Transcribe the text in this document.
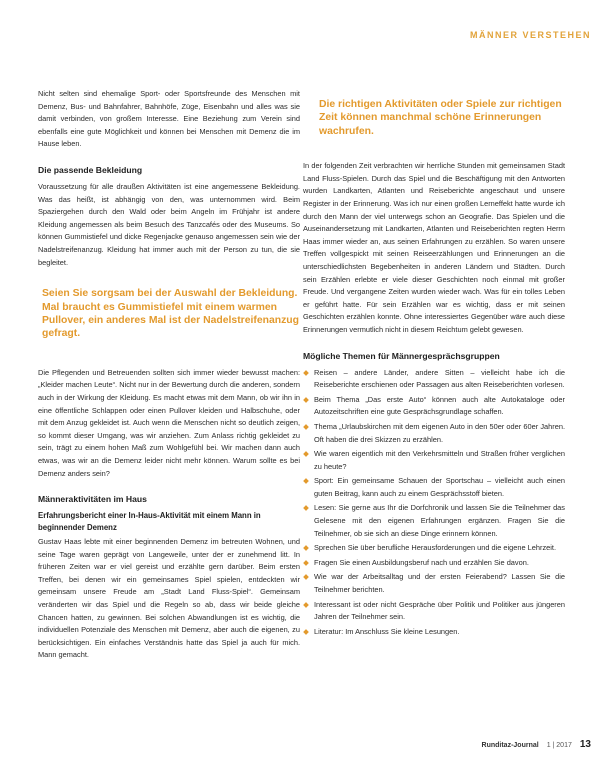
MÄNNER VERSTEHEN

Nicht selten sind ehemalige Sport- oder Sportsfreunde des Menschen mit Demenz, Bus- und Bahnfahrer, Bahnhöfe, Züge, Eisenbahn und alles was sie damit verbinden, von großem Interesse. Eine Beziehung zum Verein sind ebenfalls eine gute Möglichkeit und können bei Menschen mit Demenz die im Hause leben.

Die passende Bekleidung

Voraussetzung für alle draußen Aktivitäten ist eine angemessene Bekleidung. Was das heißt, ist abhängig von den, was unternommen wird. Beim Spaziergehen durch den Wald oder beim Angeln im Frühjahr ist andere Kleidung angemessen als beim Besuch des Tanzcafés oder des Museums. So können Gummistiefel und dicke Regenjacke genauso angemessen sein wie der Nadelstreifenanzug. Kleidung hat immer auch mit der Person zu tun, die sie begleitet.

Seien Sie sorgsam bei der Auswahl der Bekleidung. Mal braucht es Gummistiefel mit einem warmen Pullover, ein anderes Mal ist der Nadelstreifenanzug gefragt.

Die Pflegenden und Betreuenden sollten sich immer wieder bewusst machen: „Kleider machen Leute“. Nicht nur in der Bewertung durch die anderen, sondern auch in der Wirkung der Kleidung. Es macht etwas mit dem Mann, ob wir ihn in eine öffentliche Schlappen oder einen Pullover kleiden und Halbschuhe, oder mit dem Anzug gekleidet ist. Auch wenn die Menschen nicht so deutlich zeigen, so kommt dieser Umgang, was wir anziehen. Zum Anlass richtig gekleidet zu sein, trägt zu einem hohen Maß zum Wohlgefühl bei. Wir machen dann auch etwas, was wir an die Demenz leider nicht mehr können. Warum sollte es bei Demenz anders sein?

Männeraktivitäten im Haus
Erfahrungsbericht einer In-Haus-Aktivität mit einem Mann in beginnender Demenz

Gustav Haas lebte mit einer beginnenden Demenz im betreuten Wohnen, und seine Tage waren geprägt von Langeweile, unter der er zunehmend litt. In früheren Zeiten war er viel gereist und erzählte gern darüber. Beim ersten Treffen, bei denen wir ein gemeinsames Spiel spielen, entdeckten wir gemeinsam unsere Freude am „Stadt Land Fluss-Spiel“. Gemeinsam veränderten wir das Spiel und die Regeln so ab, dass wir beide gleiche Chancen hatten, zu gewinnen. Bei solchen Abwandlungen ist es wichtig, die individuellen Potenziale des Menschen mit Demenz, aber auch die eigenen, zu berücksichtigen. Ein einfaches Verständnis hatte das Spiel ja auch für mich. Mann gemacht.

Die richtigen Aktivitäten oder Spiele zur richtigen Zeit können manchmal schöne Erinnerungen wachrufen.

In der folgenden Zeit verbrachten wir herrliche Stunden mit gemeinsamen Stadt Land Fluss-Spielen. Durch das Spiel und die Beschäftigung mit den Antworten wurden Landkarten, Atlanten und Reiseberichte angeschaut und unsere Register in der Erinnerung. Was ich nur einen großen Lerneffekt hatte wurde ich durch den Mann der viel unterwegs schon an Geografie. Das Spielen und die Auseinandersetzung mit Landkarten, Atlanten und Reiseberichten regten Herrn Haas immer wieder an, aus seinen Erfahrungen zu erzählen. So waren unsere Treffen vollgespickt mit seinen Reiseerzählungen und Erinnerungen an die unterschiedlichsten Begebenheiten in anderen Ländern und Städten. Durch sein Erzählen erlebte er viele dieser Geschichten noch einmal mit großer Freude. Und vergangene Zeiten wurden wieder wach. Was für ein tolles Leben er geführt hatte. Für sein Erzählen war es wichtig, dass er mit seinen Geschichten erzählen konnte. Ohne interessiertes Gegenüber wäre auch diese Erinnerungen vermutlich nicht in diesem Reichtum gelebt gewesen.

Mögliche Themen für Männergesprächsgruppen
Reisen – andere Länder, andere Sitten – vielleicht habe ich die Reiseberichte erschienen oder Passagen aus alten Reiseberichten vorlesen.
Beim Thema „Das erste Auto“ können auch alte Autokataloge oder Autozeitschriften eine gute Gesprächsgrundlage schaffen.
Thema „Urlaubskirchen mit dem eigenen Auto in den 50er oder 60er Jahren. Oft haben die drei Skizzen zu erzählen.
Wie waren eigentlich mit den Verkehrsmitteln und Straßen früher verglichen zu heute?
Sport: Ein gemeinsame Schauen der Sportschau – vielleicht auch einen guten Beitrag, kann auch zu einem Gesprächsstoff bieten.
Lesen: Sie gerne aus Ihr die Dorfchronik und lassen Sie die Teilnehmer das Gelesene mit den eigenen Erfahrungen ergänzen. Fragen Sie die Teilnehmer, ob sie sich an diese Dinge erinnern können.
Sprechen Sie über berufliche Herausforderungen und die eigene Lehrzeit.
Fragen Sie einen Ausbildungsberuf nach und erzählen Sie davon.
Wie war der Arbeitsalltag und der ersten Feierabend? Lassen Sie die Teilnehmer berichten.
Interessant ist oder nicht Gespräche über Politik und Politiker aus jüngeren Jahren der Teilnehmer sein.
Literatur: Im Anschluss Sie kleine Lesungen.
Runditaz-Journal 1 | 2017 13
